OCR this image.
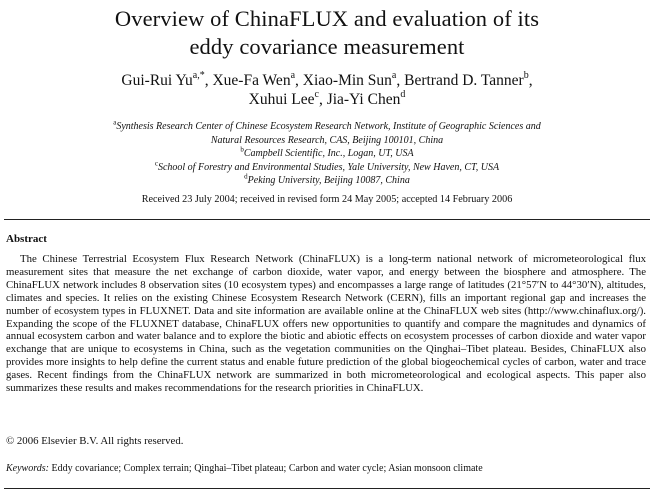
Overview of ChinaFLUX and evaluation of its
eddy covariance measurement
Gui-Rui $Yu^{a,*}$, Xue-Fa Wen$^a$, Xiao-Min Sun$^a$, Bertrand D. Tanner$^b$,
Xuhui Lee$^c$, Jia-Yi Chen$^d$
$^a$Synthesis Research Center of Chinese Ecosystem Research Network, Institute of Geographic Sciences and
Natural Resources Research, CAS, Beijing 100101, China
$^b$Campbell Scientific, Inc., Logan, UT, USA
$^c$School of Forestry and Environmental Studies, Yale University, New Haven, CT, USA
$^d$Peking University, Beijing 10087, China
Received 23 July 2004; received in revised form 24 May 2005; accepted 14 February 2006
Abstract
The Chinese Terrestrial Ecosystem Flux Research Network (ChinaFLUX) is a long-term national network of micrometeorological flux measurement sites that measure the net exchange of carbon dioxide, water vapor, and energy between the biosphere and atmosphere. The ChinaFLUX network includes 8 observation sites (10 ecosystem types) and encompasses a large range of latitudes (21°57′N to 44°30′N), altitudes, climates and species. It relies on the existing Chinese Ecosystem Research Network (CERN), fills an important regional gap and increases the number of ecosystem types in FLUXNET. Data and site information are available online at the ChinaFLUX web sites (http://www.chinaflux.org/). Expanding the scope of the FLUXNET database, ChinaFLUX offers new opportunities to quantify and compare the magnitudes and dynamics of annual ecosystem carbon and water balance and to explore the biotic and abiotic effects on ecosystem processes of carbon dioxide and water vapor exchange that are unique to ecosystems in China, such as the vegetation communities on the Qinghai–Tibet plateau. Besides, ChinaFLUX also provides more insights to help define the current status and enable future prediction of the global biogeochemical cycles of carbon, water and trace gases. Recent findings from the ChinaFLUX network are summarized in both micrometeorological and ecological aspects. This paper also summarizes these results and makes recommendations for the research priorities in ChinaFLUX.
© 2006 Elsevier B.V. All rights reserved.
Keywords: Eddy covariance; Complex terrain; Qinghai–Tibet plateau; Carbon and water cycle; Asian monsoon climate
